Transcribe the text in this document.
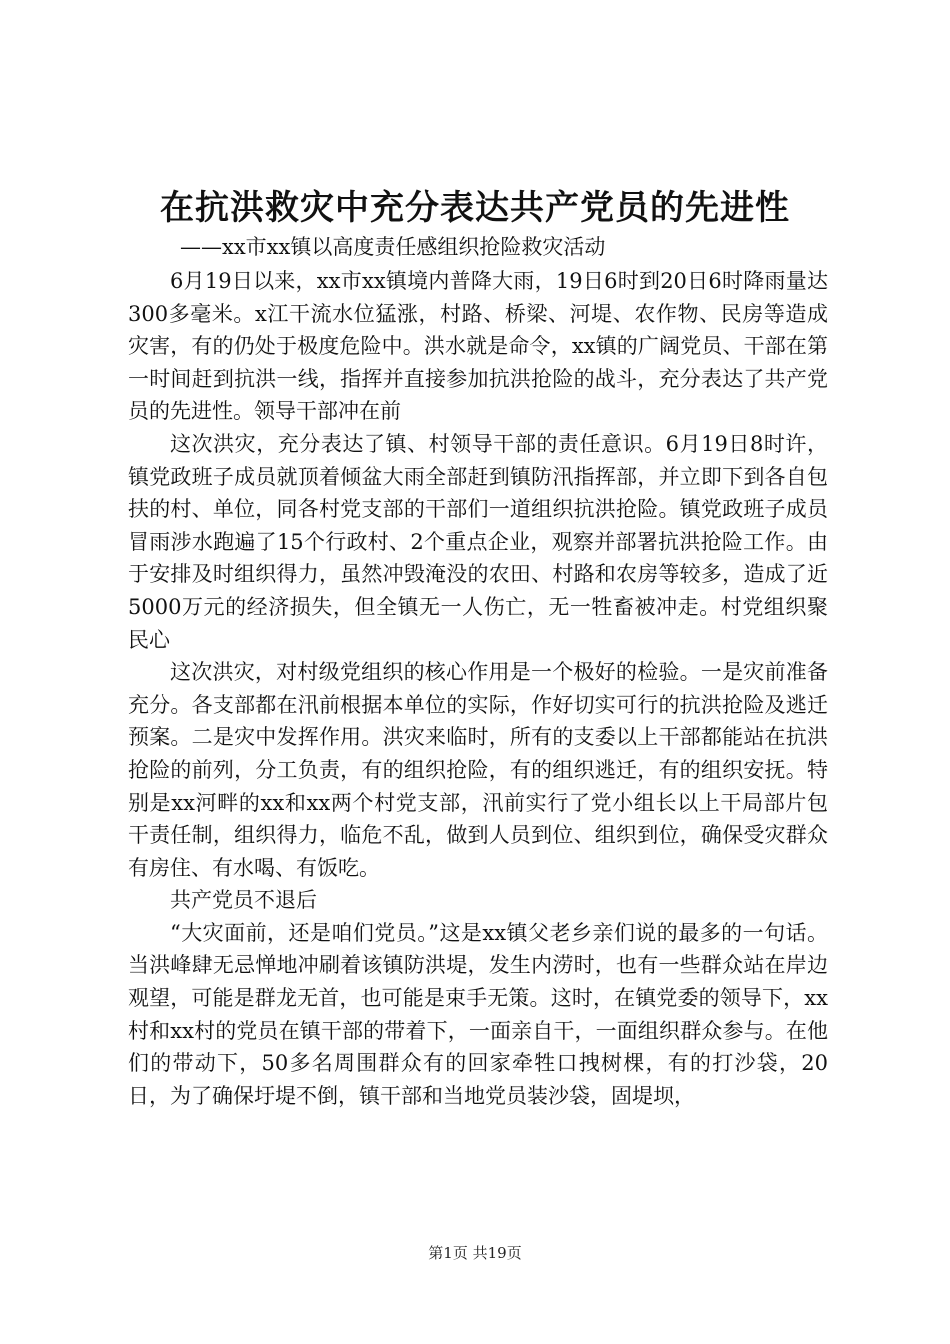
在抗洪救灾中充分表达共产党员的先进性
——xx市xx镇以高度责任感组织抢险救灾活动

6月19日以来，xx市xx镇境内普降大雨，19日6时到20日6时降雨量达300多毫米。x江干流水位猛涨，村路、桥梁、河堤、农作物、民房等造成灾害，有的仍处于极度危险中。洪水就是命令，xx镇的广阔党员、干部在第一时间赶到抗洪一线，指挥并直接参加抗洪抢险的战斗，充分表达了共产党员的先进性。领导干部冲在前

这次洪灾，充分表达了镇、村领导干部的责任意识。6月19日8时许，镇党政班子成员就顶着倾盆大雨全部赶到镇防汛指挥部，并立即下到各自包扶的村、单位，同各村党支部的干部们一道组织抗洪抢险。镇党政班子成员冒雨涉水跑遍了15个行政村、2个重点企业，观察并部署抗洪抢险工作。由于安排及时组织得力，虽然冲毁淹没的农田、村路和农房等较多，造成了近5000万元的经济损失，但全镇无一人伤亡，无一牲畜被冲走。村党组织聚民心

这次洪灾，对村级党组织的核心作用是一个极好的检验。一是灾前准备充分。各支部都在汛前根据本单位的实际，作好切实可行的抗洪抢险及逃迁预案。二是灾中发挥作用。洪灾来临时，所有的支委以上干部都能站在抗洪抢险的前列，分工负责，有的组织抢险，有的组织逃迁，有的组织安抚。特别是xx河畔的xx和xx两个村党支部，汛前实行了党小组长以上干局部片包干责任制，组织得力，临危不乱，做到人员到位、组织到位，确保受灾群众有房住、有水喝、有饭吃。

共产党员不退后

“大灾面前，还是咱们党员。”这是xx镇父老乡亲们说的最多的一句话。当洪峰肆无忌惮地冲刷着该镇防洪堤，发生内涝时，也有一些群众站在岸边观望，可能是群龙无首，也可能是束手无策。这时，在镇党委的领导下，xx村和xx村的党员在镇干部的带着下，一面亲自干，一面组织群众参与。在他们的带动下，50多名周围群众有的回家牵牲口拽树棵，有的打沙袋，20日，为了确保圩堤不倒，镇干部和当地党员装沙袋，固堤坝，

第1页 共19页
